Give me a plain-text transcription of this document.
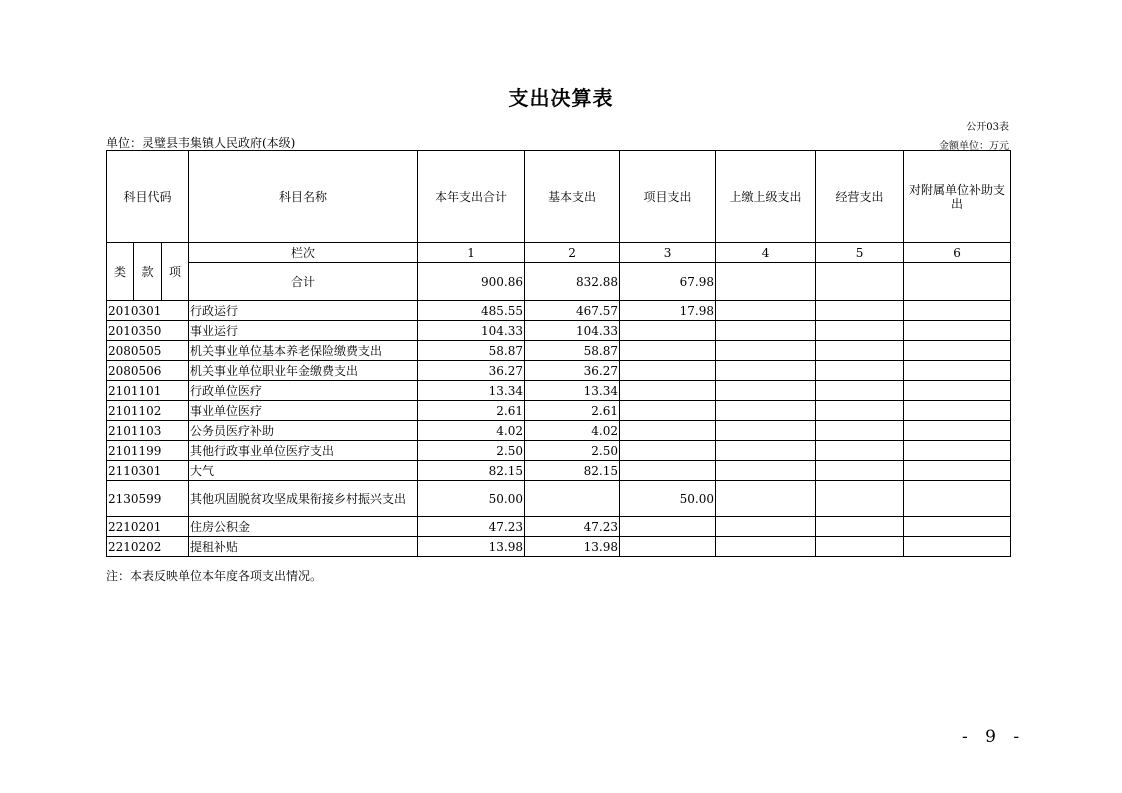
支出决算表
公开03表
单位：灵璧县韦集镇人民政府(本级)	金额单位：万元
科目代码			科目名称	本年支出合计	基本支出	项目支出	上缴上级支出	经营支出	对附属单位补助支出
类	款	项	栏次	1	2	3	4	5	6
			合计	900.86	832.88	67.98			
2010301			行政运行	485.55	467.57	17.98			
2010350			事业运行	104.33	104.33				
2080505			机关事业单位基本养老保险缴费支出	58.87	58.87				
2080506			机关事业单位职业年金缴费支出	36.27	36.27				
2101101			行政单位医疗	13.34	13.34				
2101102			事业单位医疗	2.61	2.61				
2101103			公务员医疗补助	4.02	4.02				
2101199			其他行政事业单位医疗支出	2.50	2.50				
2110301			大气	82.15	82.15				
2130599			其他巩固脱贫攻坚成果衔接乡村振兴支出	50.00		50.00			
2210201			住房公积金	47.23	47.23				
2210202			提租补贴	13.98	13.98				
注：本表反映单位本年度各项支出情况。
- 9 -
